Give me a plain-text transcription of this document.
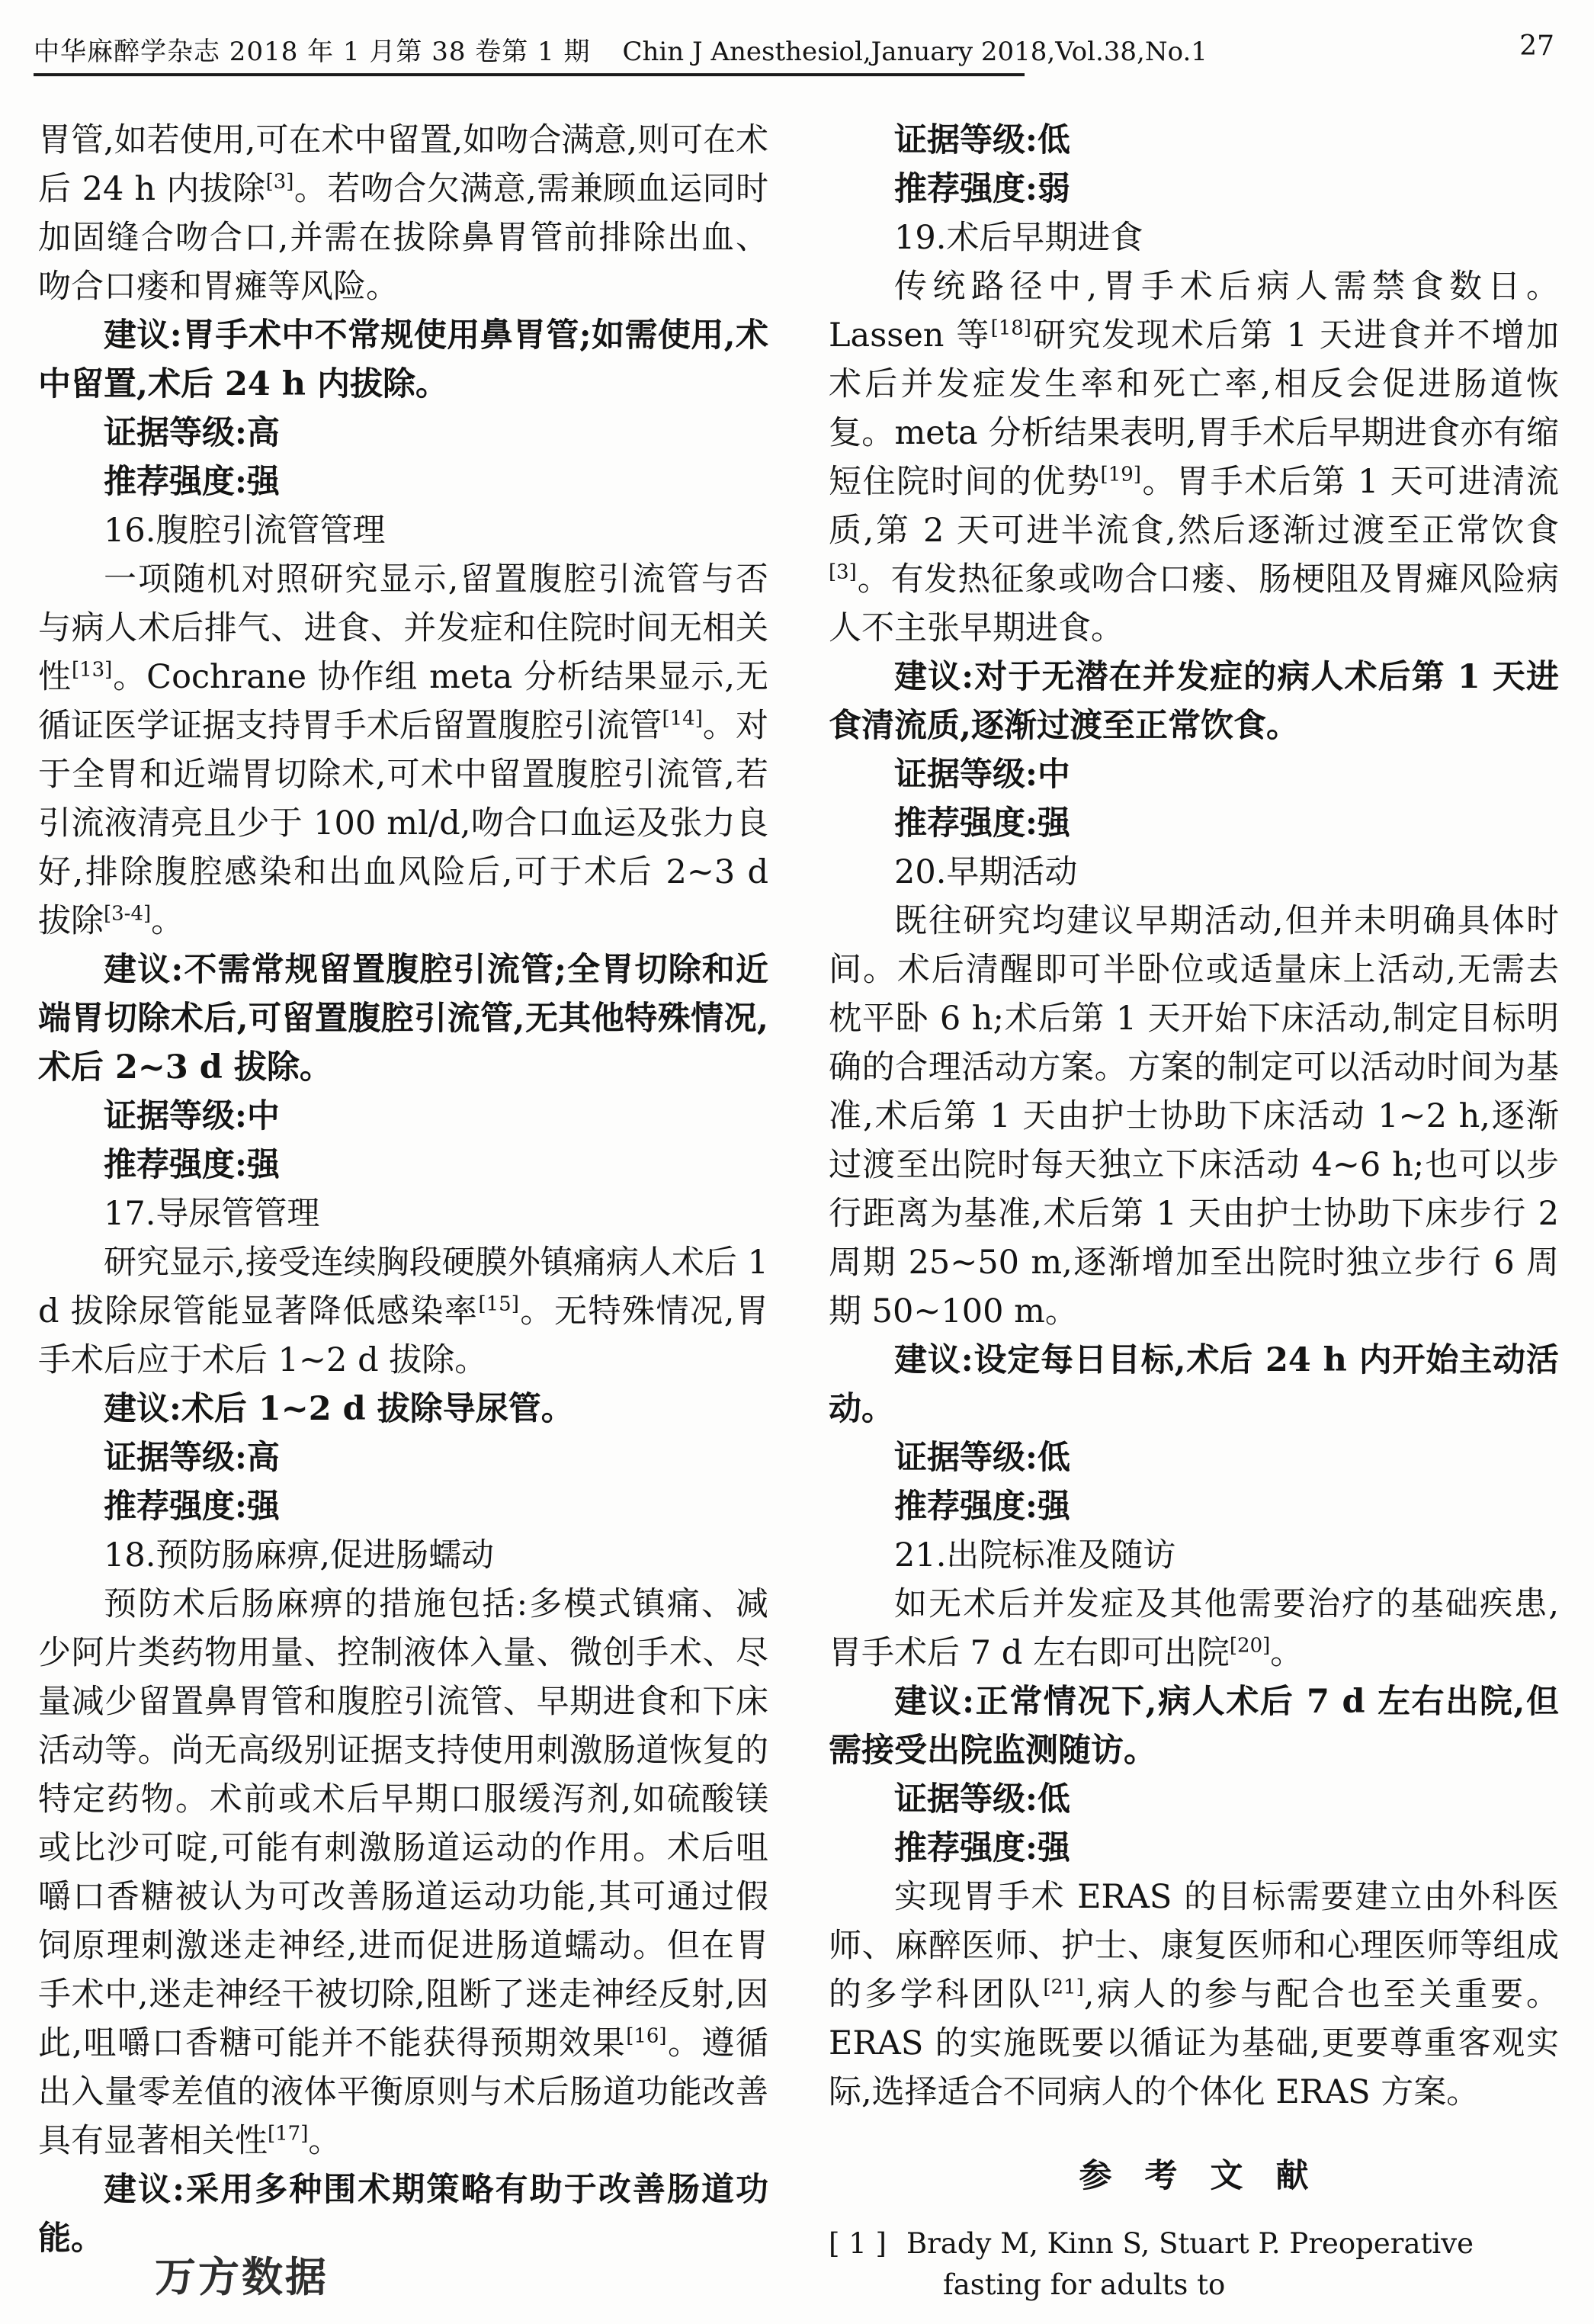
中华麻醉学杂志 2018 年 1 月第 38 卷第 1 期 Chin J Anesthesiol,January 2018,Vol.38,No.1	27

胃管,如若使用,可在术中留置,如吻合满意,则可在术后 24 h 内拔除[3]。若吻合欠满意,需兼顾血运同时加固缝合吻合口,并需在拔除鼻胃管前排除出血、吻合口瘘和胃瘫等风险。

建议:胃手术中不常规使用鼻胃管;如需使用,术中留置,术后 24 h 内拔除。

证据等级:高

推荐强度:强

16.腹腔引流管管理

一项随机对照研究显示,留置腹腔引流管与否与病人术后排气、进食、并发症和住院时间无相关性[13]。Cochrane 协作组 meta 分析结果显示,无循证医学证据支持胃手术后留置腹腔引流管[14]。对于全胃和近端胃切除术,可术中留置腹腔引流管,若引流液清亮且少于 100 ml/d,吻合口血运及张力良好,排除腹腔感染和出血风险后,可于术后 2~3 d 拔除[3-4]。

建议:不需常规留置腹腔引流管;全胃切除和近端胃切除术后,可留置腹腔引流管,无其他特殊情况,术后 2~3 d 拔除。

证据等级:中

推荐强度:强

17.导尿管管理

研究显示,接受连续胸段硬膜外镇痛病人术后 1 d 拔除尿管能显著降低感染率[15]。无特殊情况,胃手术后应于术后 1~2 d 拔除。

建议:术后 1~2 d 拔除导尿管。

证据等级:高

推荐强度:强

18.预防肠麻痹,促进肠蠕动

预防术后肠麻痹的措施包括:多模式镇痛、减少阿片类药物用量、控制液体入量、微创手术、尽量减少留置鼻胃管和腹腔引流管、早期进食和下床活动等。尚无高级别证据支持使用刺激肠道恢复的特定药物。术前或术后早期口服缓泻剂,如硫酸镁或比沙可啶,可能有刺激肠道运动的作用。术后咀嚼口香糖被认为可改善肠道运动功能,其可通过假饲原理刺激迷走神经,进而促进肠道蠕动。但在胃手术中,迷走神经干被切除,阻断了迷走神经反射,因此,咀嚼口香糖可能并不能获得预期效果[16]。遵循出入量零差值的液体平衡原则与术后肠道功能改善具有显著相关性[17]。

建议:采用多种围术期策略有助于改善肠道功能。

证据等级:低

推荐强度:弱

19.术后早期进食

传统路径中,胃手术后病人需禁食数日。Lassen 等[18]研究发现术后第 1 天进食并不增加术后并发症发生率和死亡率,相反会促进肠道恢复。meta 分析结果表明,胃手术后早期进食亦有缩短住院时间的优势[19]。胃手术后第 1 天可进清流质,第 2 天可进半流食,然后逐渐过渡至正常饮食[3]。有发热征象或吻合口瘘、肠梗阻及胃瘫风险病人不主张早期进食。

建议:对于无潜在并发症的病人术后第 1 天进食清流质,逐渐过渡至正常饮食。

证据等级:中

推荐强度:强

20.早期活动

既往研究均建议早期活动,但并未明确具体时间。术后清醒即可半卧位或适量床上活动,无需去枕平卧 6 h;术后第 1 天开始下床活动,制定目标明确的合理活动方案。方案的制定可以活动时间为基准,术后第 1 天由护士协助下床活动 1~2 h,逐渐过渡至出院时每天独立下床活动 4~6 h;也可以步行距离为基准,术后第 1 天由护士协助下床步行 2 周期 25~50 m,逐渐增加至出院时独立步行 6 周期 50~100 m。

建议:设定每日目标,术后 24 h 内开始主动活动。

证据等级:低

推荐强度:强

21.出院标准及随访

如无术后并发症及其他需要治疗的基础疾患,胃手术后 7 d 左右即可出院[20]。

建议:正常情况下,病人术后 7 d 左右出院,但需接受出院监测随访。

证据等级:低

推荐强度:强

实现胃手术 ERAS 的目标需要建立由外科医师、麻醉医师、护士、康复医师和心理医师等组成的多学科团队[21],病人的参与配合也至关重要。ERAS 的实施既要以循证为基础,更要尊重客观实际,选择适合不同病人的个体化 ERAS 方案。

参　考　文　献

[ 1 ] Brady M, Kinn S, Stuart P. Preoperative fasting for adults to

万方数据
